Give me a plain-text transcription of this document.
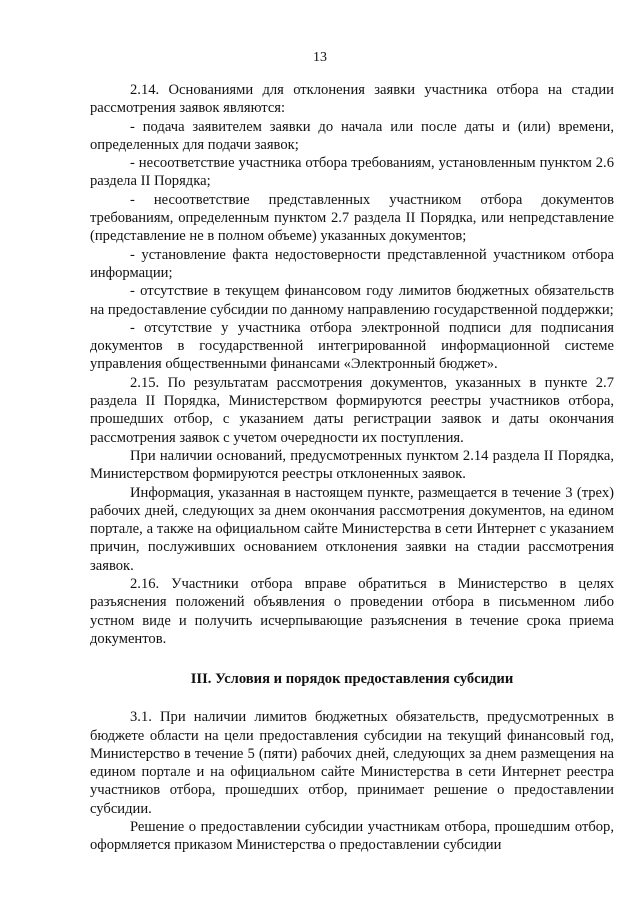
13

2.14. Основаниями для отклонения заявки участника отбора на стадии рассмотрения заявок являются:

- подача заявителем заявки до начала или после даты и (или) времени, определенных для подачи заявок;

- несоответствие участника отбора требованиям, установленным пунктом 2.6 раздела II Порядка;

- несоответствие представленных участником отбора документов требованиям, определенным пунктом 2.7 раздела II Порядка, или непредставление (представление не в полном объеме) указанных документов;

- установление факта недостоверности представленной участником отбора информации;

- отсутствие в текущем финансовом году лимитов бюджетных обязательств на предоставление субсидии по данному направлению государственной поддержки;

- отсутствие у участника отбора электронной подписи для подписания документов в государственной интегрированной информационной системе управления общественными финансами «Электронный бюджет».

2.15. По результатам рассмотрения документов, указанных в пункте 2.7 раздела II Порядка, Министерством формируются реестры участников отбора, прошедших отбор, с указанием даты регистрации заявок и даты окончания рассмотрения заявок с учетом очередности их поступления.

При наличии оснований, предусмотренных пунктом 2.14 раздела II Порядка, Министерством формируются реестры отклоненных заявок.

Информация, указанная в настоящем пункте, размещается в течение 3 (трех) рабочих дней, следующих за днем окончания рассмотрения документов, на едином портале, а также на официальном сайте Министерства в сети Интернет с указанием причин, послуживших основанием отклонения заявки на стадии рассмотрения заявок.

2.16. Участники отбора вправе обратиться в Министерство в целях разъяснения положений объявления о проведении отбора в письменном либо устном виде и получить исчерпывающие разъяснения в течение срока приема документов.

III. Условия и порядок предоставления субсидии

3.1. При наличии лимитов бюджетных обязательств, предусмотренных в бюджете области на цели предоставления субсидии на текущий финансовый год, Министерство в течение 5 (пяти) рабочих дней, следующих за днем размещения на едином портале и на официальном сайте Министерства в сети Интернет реестра участников отбора, прошедших отбор, принимает решение о предоставлении субсидии.

Решение о предоставлении субсидии участникам отбора, прошедшим отбор, оформляется приказом Министерства о предоставлении субсидии
